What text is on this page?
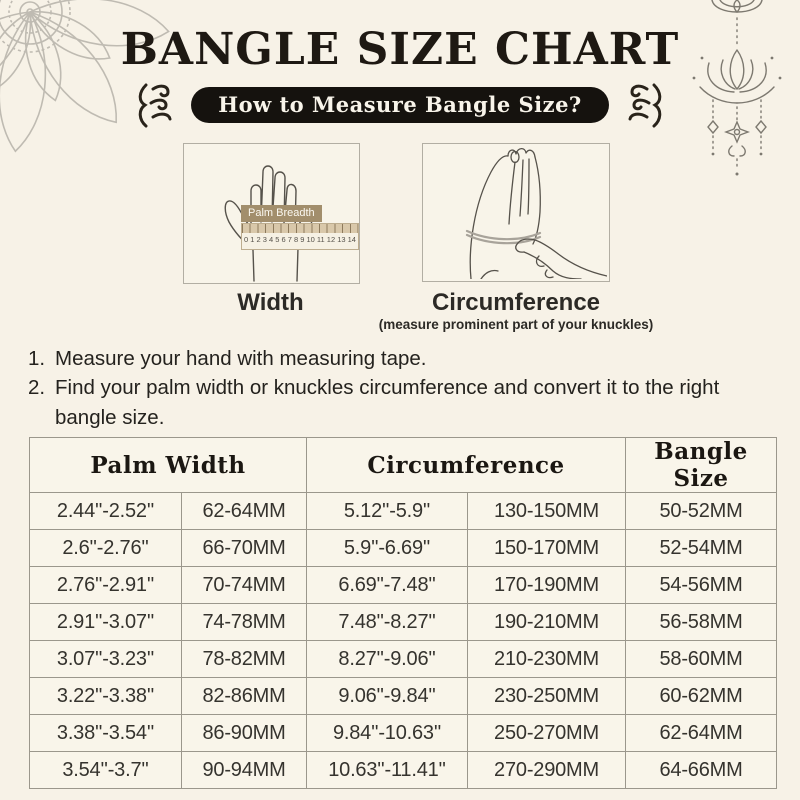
BANGLE SIZE CHART
How to Measure Bangle Size?
Palm Breadth
0 1 2 3 4 5 6 7 8 9 10 11 12 13 14
Width	Circumference
(measure prominent part of your knuckles)
1. Measure your hand with measuring tape.
2. Find your palm width or knuckles circumference and convert it to the right bangle size.
Palm Width		Circumference		Bangle Size
2.44''-2.52''	62-64MM	5.12''-5.9''	130-150MM	50-52MM
2.6''-2.76''	66-70MM	5.9''-6.69''	150-170MM	52-54MM
2.76''-2.91''	70-74MM	6.69''-7.48''	170-190MM	54-56MM
2.91''-3.07''	74-78MM	7.48''-8.27''	190-210MM	56-58MM
3.07''-3.23''	78-82MM	8.27''-9.06''	210-230MM	58-60MM
3.22''-3.38''	82-86MM	9.06''-9.84''	230-250MM	60-62MM
3.38''-3.54''	86-90MM	9.84''-10.63''	250-270MM	62-64MM
3.54''-3.7''	90-94MM	10.63''-11.41''	270-290MM	64-66MM
